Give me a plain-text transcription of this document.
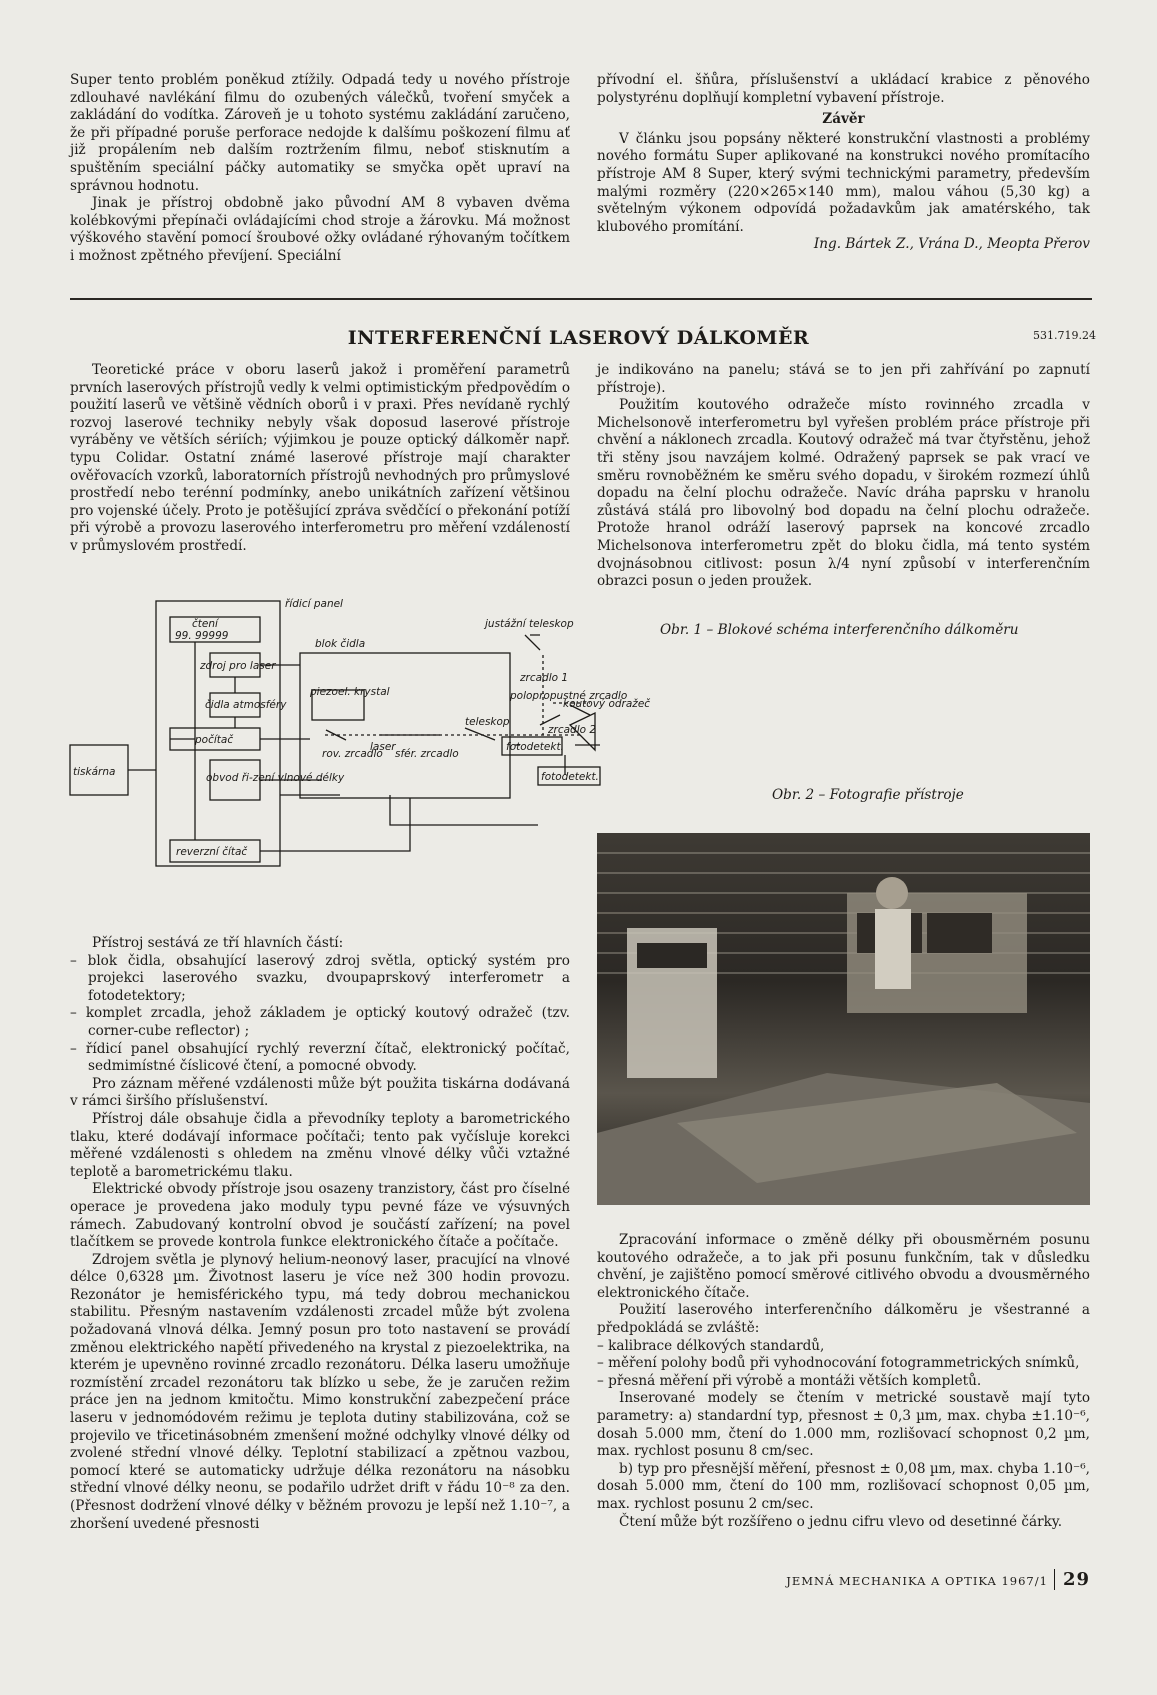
Super tento problém poněkud ztížily. Odpadá tedy u nového přístroje zdlouhavé navlékání filmu do ozubených válečků, tvoření smyček a zakládání do vodítka. Zároveň je u tohoto systému zakládání zaručeno, že při případné poruše perforace nedojde k dalšímu poškození filmu ať již propálením neb dalším roztržením filmu, neboť stisknutím a spuštěním speciální páčky automatiky se smyčka opět upraví na správnou hodnotu.

Jinak je přístroj obdobně jako původní AM 8 vybaven dvěma kolébkovými přepínači ovládajícími chod stroje a žárovku. Má možnost výškového stavění pomocí šroubové ožky ovládané rýhovaným točítkem i možnost zpětného převíjení. Speciální

přívodní el. šňůra, příslušenství a ukládací krabice z pěnového polystyrénu doplňují kompletní vybavení přístroje.

Závěr

V článku jsou popsány některé konstrukční vlastnosti a problémy nového formátu Super aplikované na konstrukci nového promítacího přístroje AM 8 Super, který svými technickými parametry, především malými rozměry (220×265×140 mm), malou váhou (5,30 kg) a světelným výkonem odpovídá požadavkům jak amatérského, tak klubového promítání.

Ing. Bártek Z., Vrána D., Meopta Přerov

INTERFERENČNÍ LASEROVÝ DÁLKOMĚR	531.719.24

Teoretické práce v oboru laserů jakož i proměření parametrů prvních laserových přístrojů vedly k velmi optimistickým předpovědím o použití laserů ve většině vědních oborů i v praxi. Přes nevídaně rychlý rozvoj laserové techniky nebyly však doposud laserové přístroje vyráběny ve větších sériích; výjimkou je pouze optický dálkoměr např. typu Colidar. Ostatní známé laserové přístroje mají charakter ověřovacích vzorků, laboratorních přístrojů nevhodných pro průmyslové prostředí nebo terénní podmínky, anebo unikátních zařízení většinou pro vojenské účely. Proto je potěšující zpráva svědčící o překonání potíží při výrobě a provozu laserového interferometru pro měření vzdáleností v průmyslovém prostředí.

je indikováno na panelu; stává se to jen při zahřívání po zapnutí přístroje).

Použitím koutového odražeče místo rovinného zrcadla v Michelsonově interferometru byl vyřešen problém práce přístroje při chvění a náklonech zrcadla. Koutový odražeč má tvar čtyřstěnu, jehož tři stěny jsou navzájem kolmé. Odražený paprsek se pak vrací ve směru rovnoběžném ke směru svého dopadu, v širokém rozmezí úhlů dopadu na čelní plochu odražeče. Navíc dráha paprsku v hranolu zůstává stálá pro libovolný bod dopadu na čelní plochu odražeče. Protože hranol odráží laserový paprsek na koncové zrcadlo Michelsonova interferometru zpět do bloku čidla, má tento systém dvojnásobnou citlivost: posun λ/4 nyní způsobí v interferenčním obrazci posun o jeden proužek.

Obr. 1 – Blokové schéma interferenčního dálkoměru
Obr. 2 – Fotografie přístroje
řídicí panel
čtení
99. 99999
zdroj pro laser
čidla atmosféry
počítač
obvod ři-zení vlnové délky
reverzní čítač
tiskárna
blok čidla
piezoel. krystal
laser
rov. zrcadlo sfér. zrcadlo
teleskop
polopropustné zrcadlo
zrcadlo 1
zrcadlo 2
justážní teleskop
koutový odražeč
fotodetekt.
fotodetekt.

Přístroj sestává ze tří hlavních částí:

– blok čidla, obsahující laserový zdroj světla, optický systém pro projekci laserového svazku, dvoupaprskový interferometr a fotodetektory;

– komplet zrcadla, jehož základem je optický koutový odražeč (tzv. corner-cube reflector) ;

– řídicí panel obsahující rychlý reverzní čítač, elektronický počítač, sedmimístné číslicové čtení, a pomocné obvody.

Pro záznam měřené vzdálenosti může být použita tiskárna dodávaná v rámci širšího příslušenství.

Přístroj dále obsahuje čidla a převodníky teploty a barometrického tlaku, které dodávají informace počítači; tento pak vyčísluje korekci měřené vzdálenosti s ohledem na změnu vlnové délky vůči vztažné teplotě a barometrickému tlaku.

Elektrické obvody přístroje jsou osazeny tranzistory, část pro číselné operace je provedena jako moduly typu pevné fáze ve výsuvných rámech. Zabudovaný kontrolní obvod je součástí zařízení; na povel tlačítkem se provede kontrola funkce elektronického čítače a počítače.

Zdrojem světla je plynový helium-neonový laser, pracující na vlnové délce 0,6328 µm. Životnost laseru je více než 300 hodin provozu. Rezonátor je hemisférického typu, má tedy dobrou mechanickou stabilitu. Přesným nastavením vzdálenosti zrcadel může být zvolena požadovaná vlnová délka. Jemný posun pro toto nastavení se provádí změnou elektrického napětí přivedeného na krystal z piezoelektrika, na kterém je upevněno rovinné zrcadlo rezonátoru. Délka laseru umožňuje rozmístění zrcadel rezonátoru tak blízko u sebe, že je zaručen režim práce jen na jednom kmitočtu. Mimo konstrukční zabezpečení práce laseru v jednomódovém režimu je teplota dutiny stabilizována, což se projevilo ve třicetinásobném zmenšení možné odchylky vlnové délky od zvolené střední vlnové délky. Teplotní stabilizací a zpětnou vazbou, pomocí které se automaticky udržuje délka rezonátoru na násobku střední vlnové délky neonu, se podařilo udržet drift v řádu 10⁻⁸ za den. (Přesnost dodržení vlnové délky v běžném provozu je lepší než 1.10⁻⁷, a zhoršení uvedené přesnosti

Zpracování informace o změně délky při obousměrném posunu koutového odražeče, a to jak při posunu funkčním, tak v důsledku chvění, je zajištěno pomocí směrové citlivého obvodu a dvousměrného elektronického čítače.

Použití laserového interferenčního dálkoměru je všestranné a předpokládá se zvláště:

– kalibrace délkových standardů,

– měření polohy bodů při vyhodnocování fotogrammetrických snímků,

– přesná měření při výrobě a montáži větších kompletů.

Inserované modely se čtením v metrické soustavě mají tyto parametry: a) standardní typ, přesnost ± 0,3 µm, max. chyba ±1.10⁻⁶, dosah 5.000 mm, čtení do 1.000 mm, rozlišovací schopnost 0,2 µm, max. rychlost posunu 8 cm/sec.

b) typ pro přesnější měření, přesnost ± 0,08 µm, max. chyba 1.10⁻⁶, dosah 5.000 mm, čtení do 100 mm, rozlišovací schopnost 0,05 µm, max. rychlost posunu 2 cm/sec.

Čtení může být rozšířeno o jednu cifru vlevo od desetinné čárky.

JEMNÁ MECHANIKA A OPTIKA 1967/1 29
